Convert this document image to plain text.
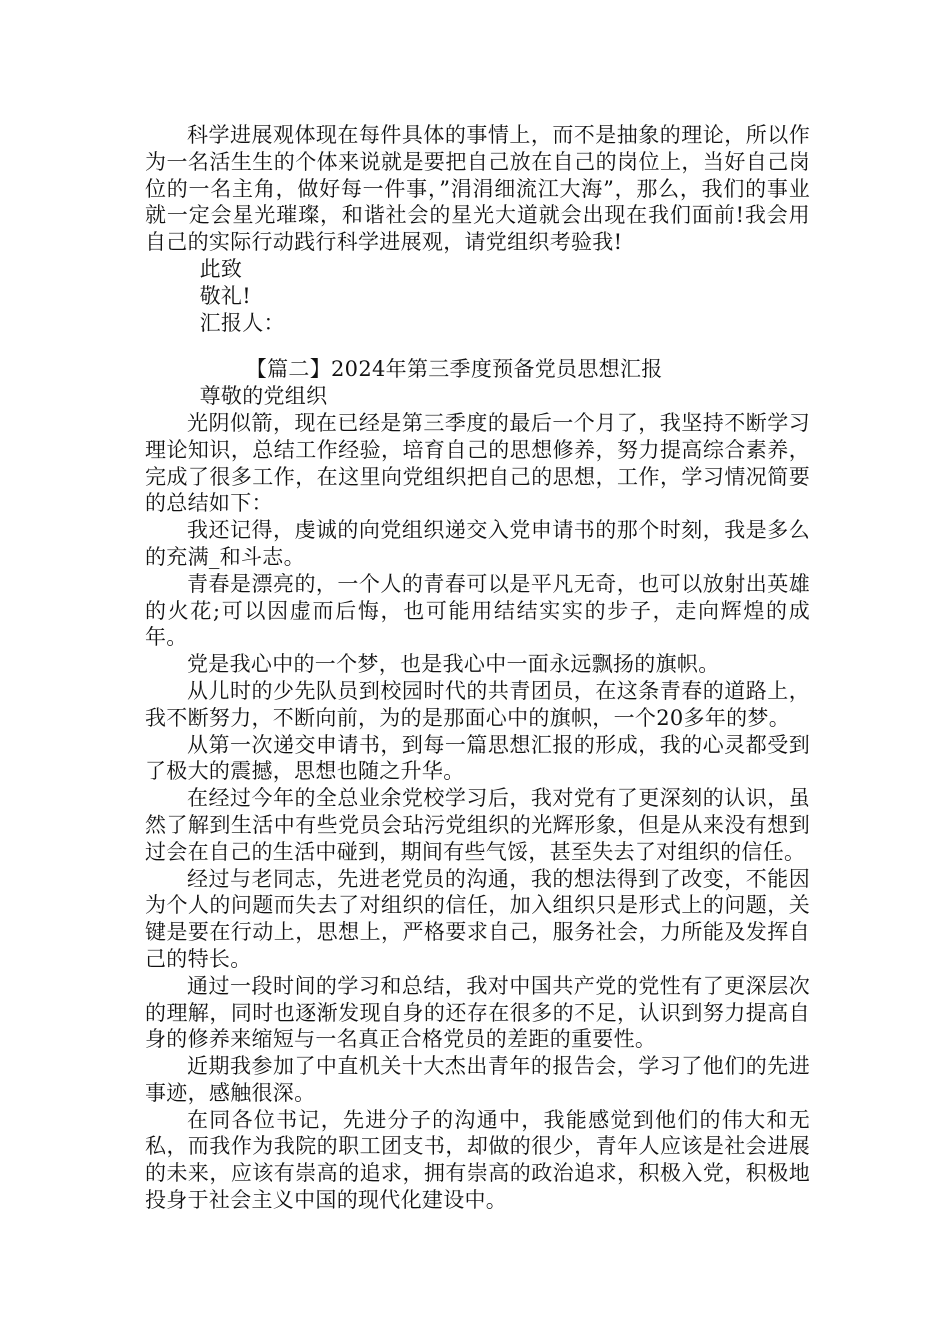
科学进展观体现在每件具体的事情上，而不是抽象的理论，所以作为一名活生生的个体来说就是要把自己放在自己的岗位上，当好自己岗位的一名主角，做好每一件事，”涓涓细流江大海”，那么，我们的事业就一定会星光璀璨，和谐社会的星光大道就会出现在我们面前!我会用自己的实际行动践行科学进展观，请党组织考验我!

此致

敬礼!

汇报人：

【篇二】2024年第三季度预备党员思想汇报

尊敬的党组织

光阴似箭，现在已经是第三季度的最后一个月了，我坚持不断学习理论知识，总结工作经验，培育自己的思想修养，努力提高综合素养，完成了很多工作，在这里向党组织把自己的思想，工作，学习情况简要的总结如下：

我还记得，虔诚的向党组织递交入党申请书的那个时刻，我是多么的充满_和斗志。

青春是漂亮的，一个人的青春可以是平凡无奇，也可以放射出英雄的火花;可以因虚而后悔，也可能用结结实实的步子，走向辉煌的成年。

党是我心中的一个梦，也是我心中一面永远飘扬的旗帜。

从儿时的少先队员到校园时代的共青团员，在这条青春的道路上，我不断努力，不断向前，为的是那面心中的旗帜，一个20多年的梦。

从第一次递交申请书，到每一篇思想汇报的形成，我的心灵都受到了极大的震撼，思想也随之升华。

在经过今年的全总业余党校学习后，我对党有了更深刻的认识，虽然了解到生活中有些党员会玷污党组织的光辉形象，但是从来没有想到过会在自己的生活中碰到，期间有些气馁，甚至失去了对组织的信任。

经过与老同志，先进老党员的沟通，我的想法得到了改变，不能因为个人的问题而失去了对组织的信任，加入组织只是形式上的问题，关键是要在行动上，思想上，严格要求自己，服务社会，力所能及发挥自己的特长。

通过一段时间的学习和总结，我对中国共产党的党性有了更深层次的理解，同时也逐渐发现自身的还存在很多的不足，认识到努力提高自身的修养来缩短与一名真正合格党员的差距的重要性。

近期我参加了中直机关十大杰出青年的报告会，学习了他们的先进事迹，感触很深。

在同各位书记，先进分子的沟通中，我能感觉到他们的伟大和无私，而我作为我院的职工团支书，却做的很少，青年人应该是社会进展的未来，应该有崇高的追求，拥有崇高的政治追求，积极入党，积极地投身于社会主义中国的现代化建设中。
